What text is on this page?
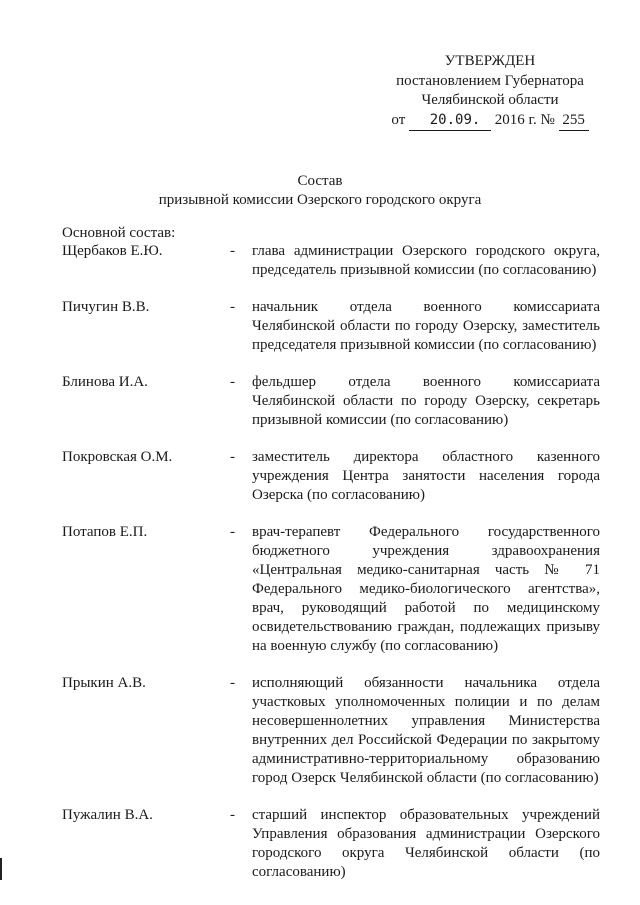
УТВЕРЖДЕН
постановлением Губернатора
Челябинской области
от 20.09. 2016 г. № 255
Состав
призывной комиссии Озерского городского округа
Основной состав:
Щербаков Е.Ю.	-	глава администрации Озерского городского округа, председатель призывной комиссии (по согласованию)
Пичугин В.В.	-	начальник отдела военного комиссариата Челябинской области по городу Озерску, заместитель председателя призывной комиссии (по согласованию)
Блинова И.А.	-	фельдшер отдела военного комиссариата Челябинской области по городу Озерску, секретарь призывной комиссии (по согласованию)
Покровская О.М.	-	заместитель директора областного казенного учреждения Центра занятости населения города Озерска (по согласованию)
Потапов Е.П.	-	врач-терапевт Федерального государственного бюджетного учреждения здравоохранения «Центральная медико-санитарная часть № 71 Федерального медико-биологического агентства», врач, руководящий работой по медицинскому освидетельствованию граждан, подлежащих призыву на военную службу (по согласованию)
Прыкин А.В.	-	исполняющий обязанности начальника отдела участковых уполномоченных полиции и по делам несовершеннолетних управления Министерства внутренних дел Российской Федерации по закрытому административно-территориальному образованию город Озерск Челябинской области (по согласованию)
Пужалин В.А.	-	старший инспектор образовательных учреждений Управления образования администрации Озерского городского округа Челябинской области (по согласованию)
